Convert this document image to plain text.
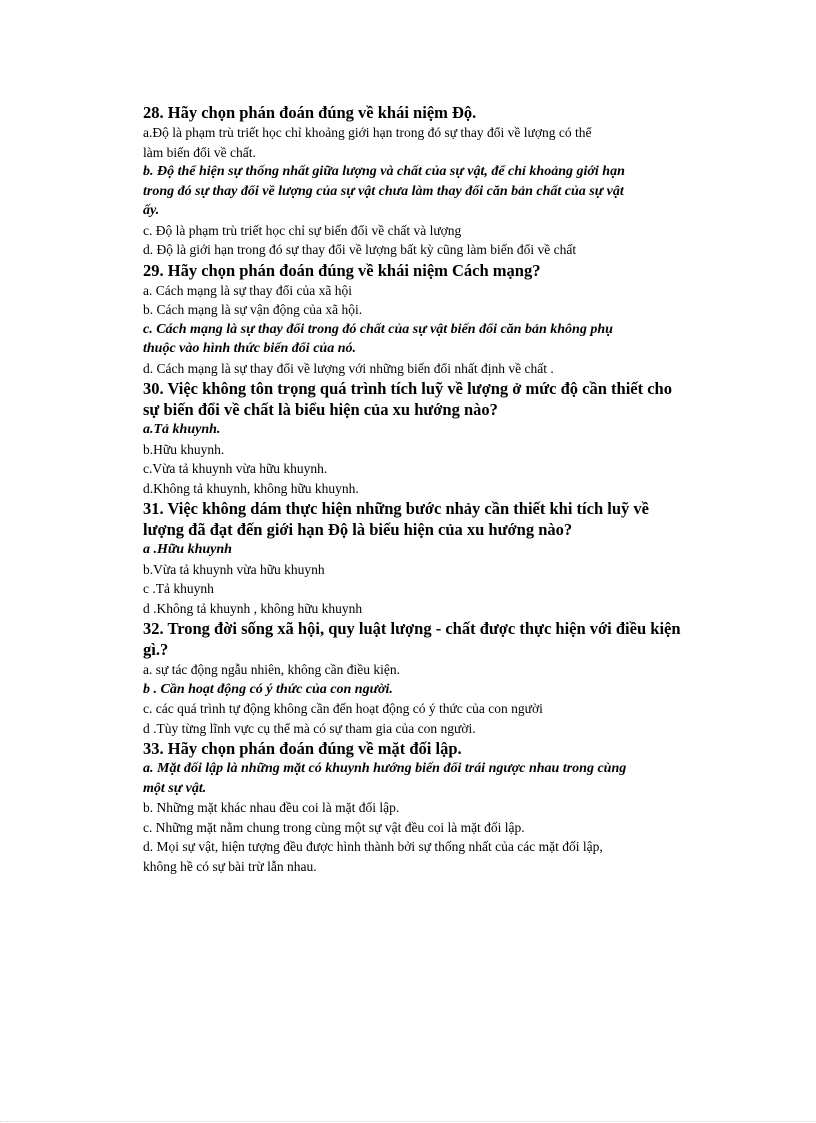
28. Hãy chọn phán đoán đúng về khái niệm Độ.

a.Độ là phạm trù triết học chỉ khoảng giới hạn trong đó sự thay đổi về lượng có thể làm biến đổi về chất.

b. Độ thể hiện sự thống nhất giữa lượng và chất của sự vật, để chỉ khoảng giới hạn trong đó sự thay đổi về lượng của sự vật chưa làm thay đổi căn bản chất của sự vật ấy.

c. Độ là phạm trù triết học chỉ sự biến đổi về chất và lượng

d. Độ là giới hạn trong đó sự thay đổi về lượng bất kỳ cũng làm biến đổi về chất

29. Hãy chọn phán đoán đúng về khái niệm Cách mạng?

a. Cách mạng là sự thay đổi của xã hội

b. Cách mạng là sự vận động của xã hội.

c. Cách mạng là sự thay đổi trong đó chất của sự vật biến đổi căn bản không phụ thuộc vào hình thức biến đổi của nó.

d. Cách mạng là sự thay đổi về lượng với những biến đổi nhất định về chất .

30. Việc không tôn trọng quá trình tích luỹ về lượng ở mức độ cần thiết cho sự biến đổi về chất là biểu hiện của xu hướng nào?

a.Tả khuynh.

b.Hữu khuynh.

c.Vừa tả khuynh vừa hữu khuynh.

d.Không tả khuynh, không hữu khuynh.

31. Việc không dám thực hiện những bước nhảy cần thiết khi tích luỹ về lượng đã đạt đến giới hạn Độ là biểu hiện của xu hướng nào?

a .Hữu khuynh

b.Vừa tả khuynh vừa hữu khuynh

c .Tả khuynh

d .Không tả khuynh , không hữu khuynh

32. Trong đời sống xã hội, quy luật lượng - chất được thực hiện với điều kiện gì.?

a. sự tác động ngẫu nhiên, không cần điều kiện.

b . Cần hoạt động có ý thức của con người.

c. các quá trình tự động không cần đến hoạt động có ý thức của con người

d .Tùy từng lĩnh vực cụ thể mà có sự tham gia của con người.

33. Hãy chọn phán đoán đúng về mặt đối lập.

a. Mặt đối lập là những mặt có khuynh hướng biến đổi trái ngược nhau trong cùng một sự vật.

b. Những mặt khác nhau đều coi là mặt đối lập.

c. Những mặt nằm chung trong cùng một sự vật đều coi là mặt đối lập.

d. Mọi sự vật, hiện tượng đều được hình thành bởi sự thống nhất của các mặt đối lập, không hề có sự bài trừ lẫn nhau.
